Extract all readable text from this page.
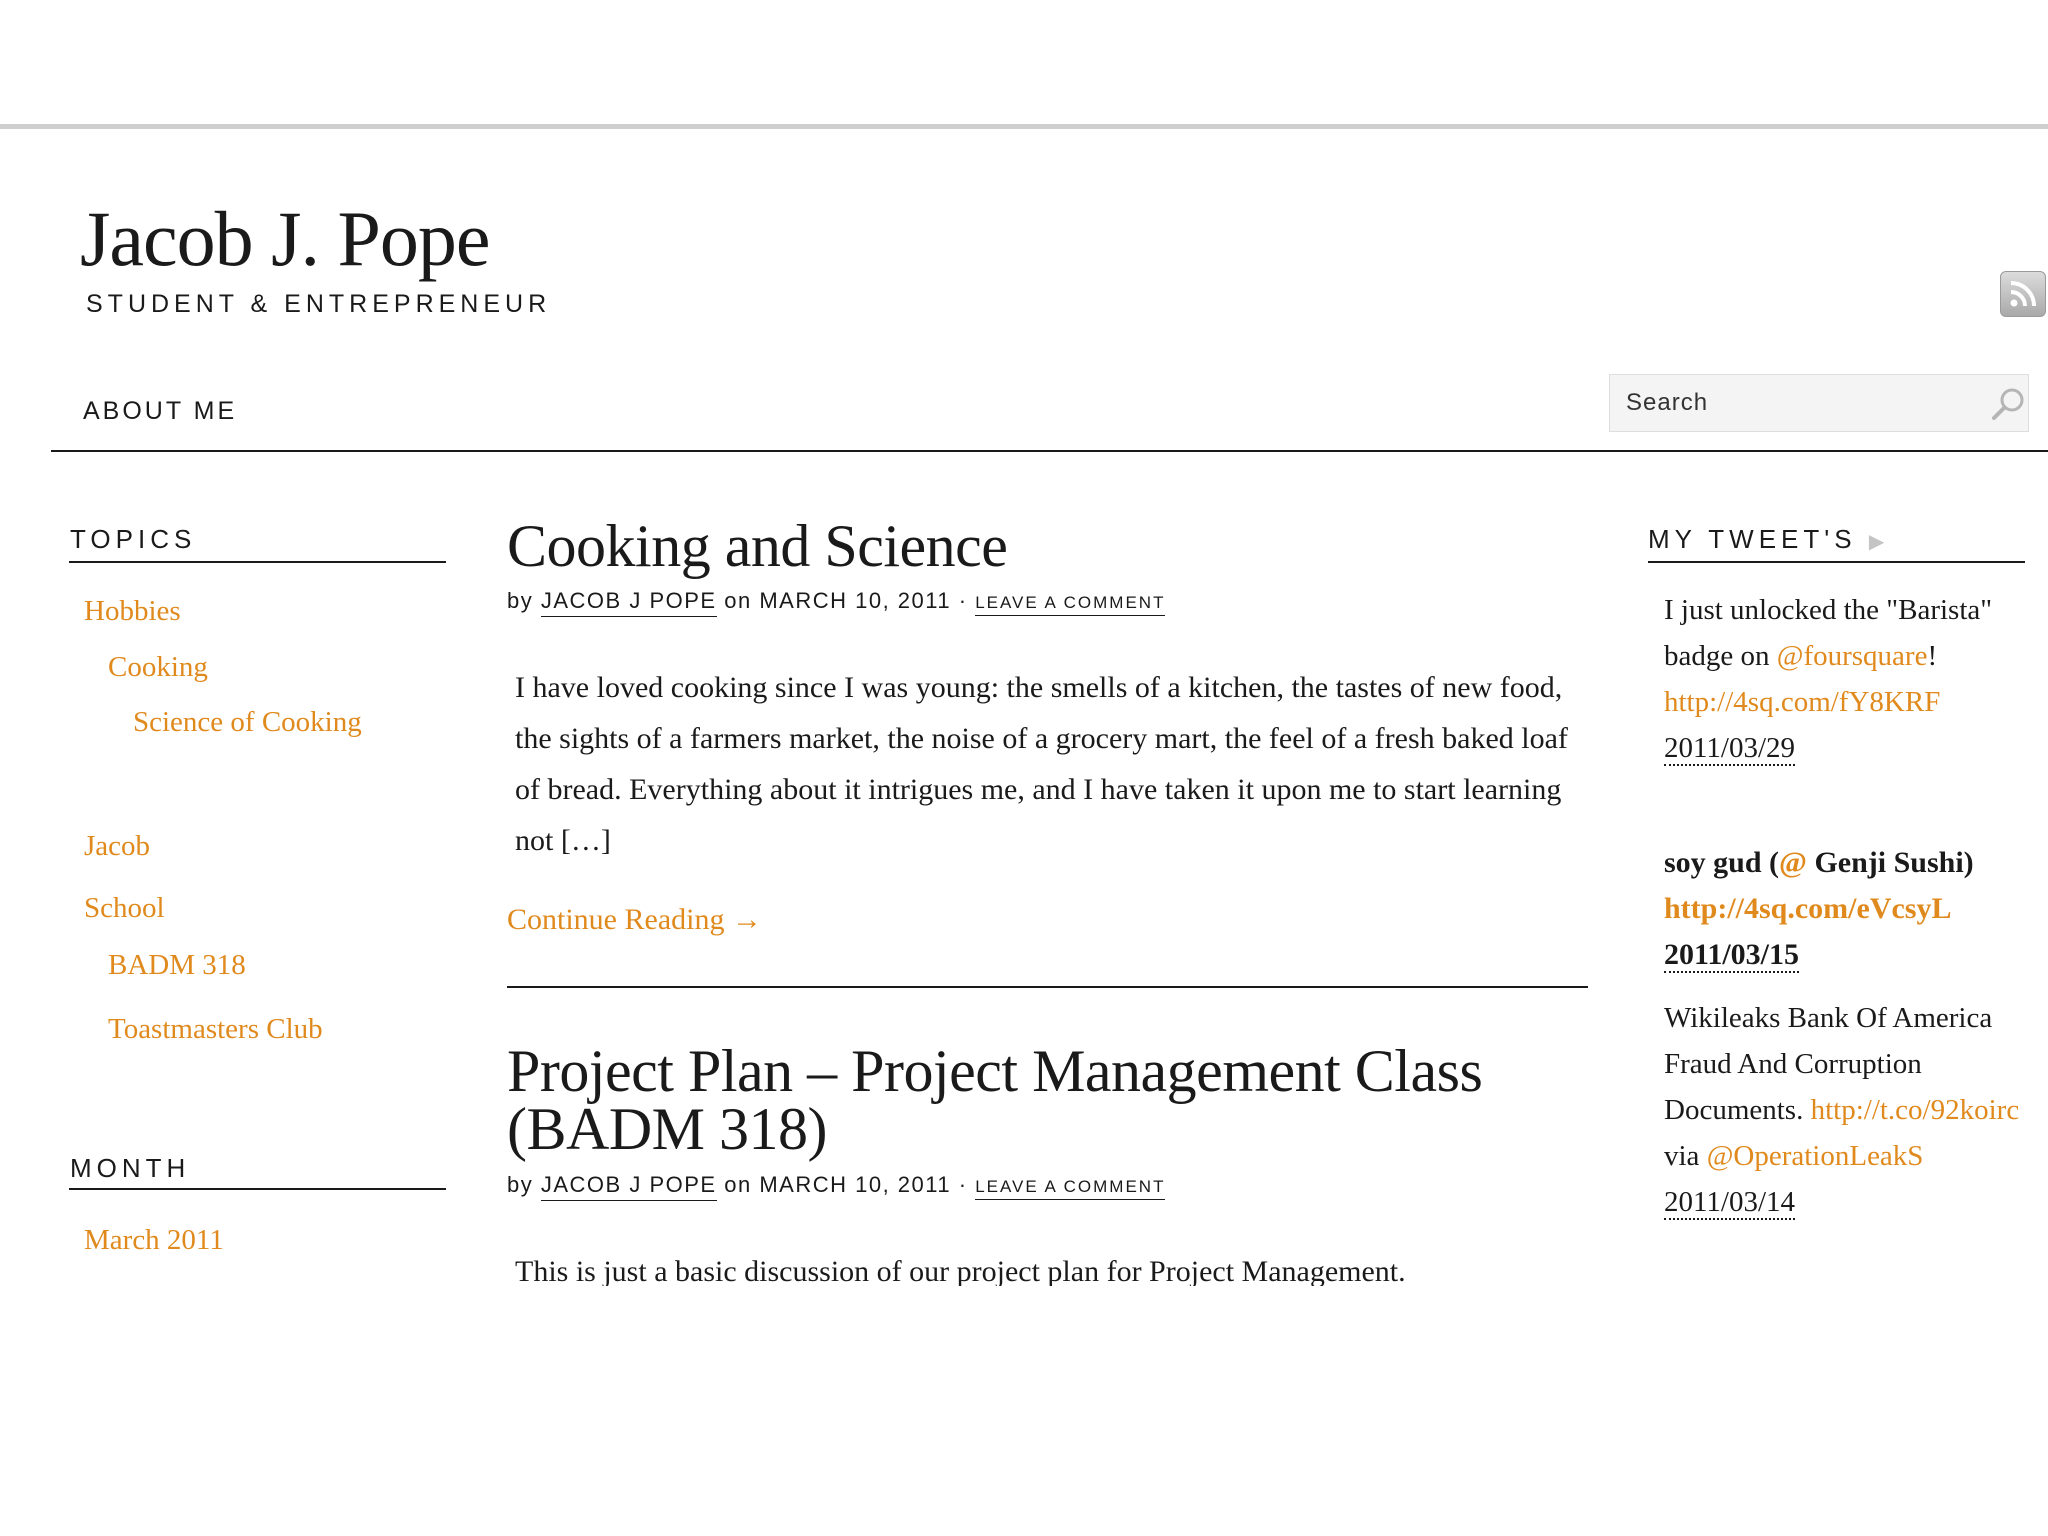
Jacob J. Pope
STUDENT & ENTREPRENEUR
ABOUT ME
Search
TOPICS
Hobbies
Cooking
Science of Cooking
Jacob
School
BADM 318
Toastmasters Club
MONTH
March 2011
Cooking and Science
by JACOB J POPE on MARCH 10, 2011 · LEAVE A COMMENT

I have loved cooking since I was young: the smells of a kitchen, the tastes of new food, the sights of a farmers market, the noise of a grocery mart, the feel of a fresh baked loaf of bread. Everything about it intrigues me, and I have taken it upon me to start learning not […]

Continue Reading →
Project Plan – Project Management Class (BADM 318)
by JACOB J POPE on MARCH 10, 2011 · LEAVE A COMMENT

This is just a basic discussion of our project plan for Project Management.

MY TWEET'S ▶
I just unlocked the "Barista" badge on @foursquare! http://4sq.com/fY8KRF
2011/03/29
soy gud (@ Genji Sushi) http://4sq.com/eVcsyL 2011/03/15
Wikileaks Bank Of America Fraud And Corruption Documents. http://t.co/92koirc via @OperationLeakS
2011/03/14
